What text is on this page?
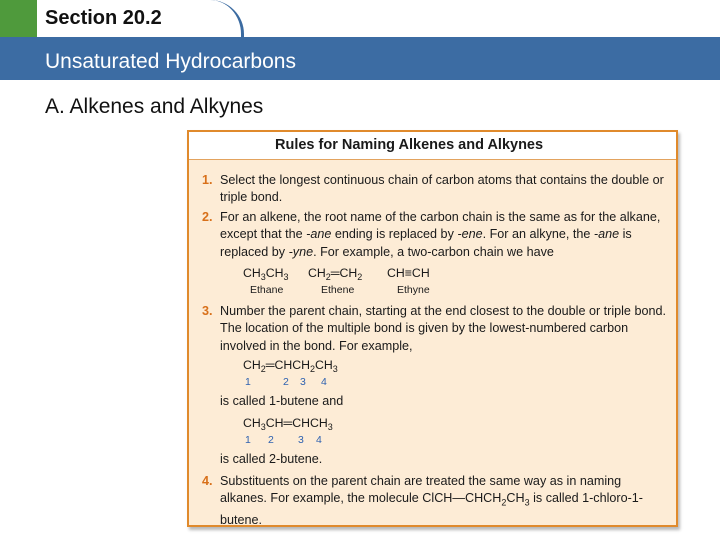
Section 20.2
Unsaturated Hydrocarbons
A. Alkenes and Alkynes
Rules for Naming Alkenes and Alkynes
1. Select the longest continuous chain of carbon atoms that contains the double or triple bond.
2. For an alkene, the root name of the carbon chain is the same as for the alkane, except that the -ane ending is replaced by -ene. For an alkyne, the -ane is replaced by -yne. For example, a two-carbon chain we have
$CH_3CH_3$ $CH_2═CH_2$ CH≡CH
Ethane	Ethene	Ethyne
3. Number the parent chain, starting at the end closest to the double or triple bond. The location of the multiple bond is given by the lowest-numbered carbon involved in the bond. For example,
$CH_2═CHCH_2CH_3$
1	2 3 4
is called 1-butene and
$CH_3CH═CHCH_3$
1 2 3 4
is called 2-butene.
4. Substituents on the parent chain are treated the same way as in naming alkanes. For example, the molecule $ClCH—CHCH_2CH_3$ is called 1-chloro-1-butene.
